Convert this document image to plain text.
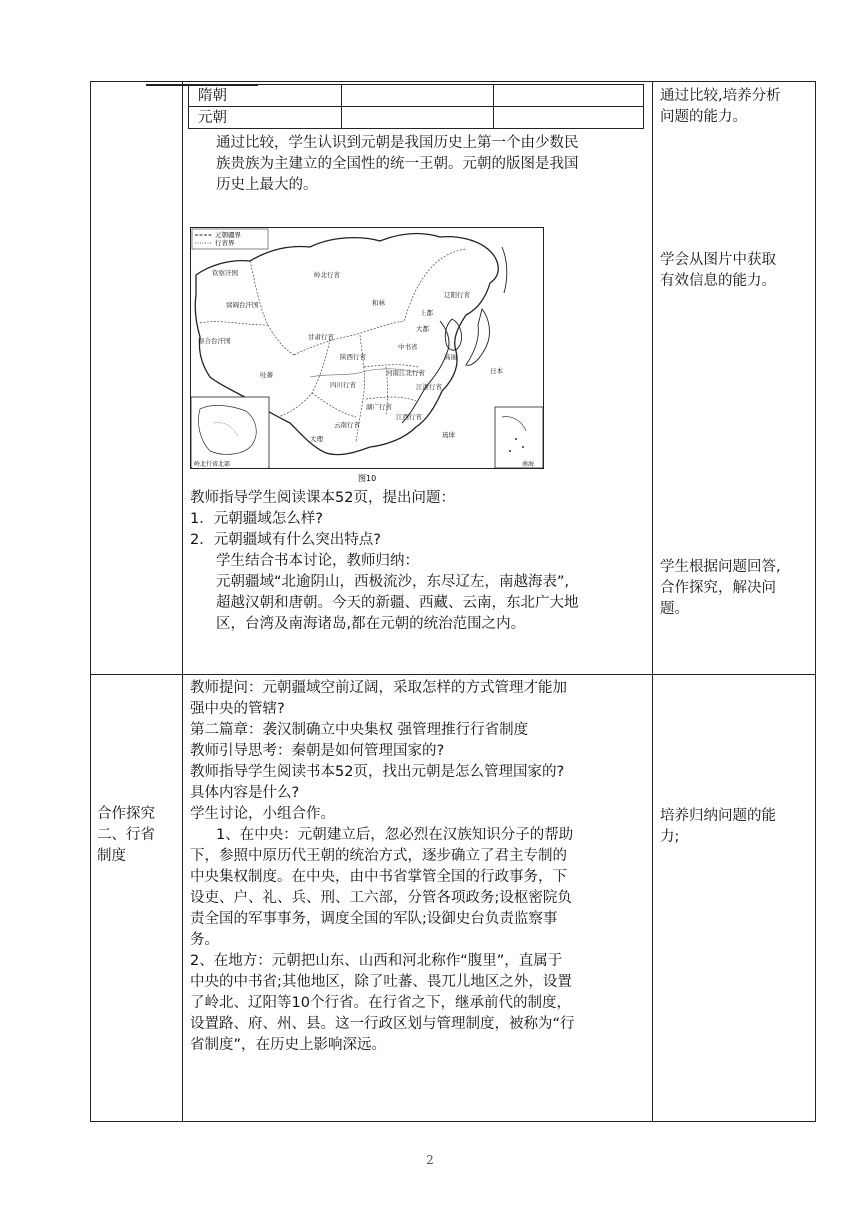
隋朝
元朝

通过比较，学生认识到元朝是我国历史上第一个由少数民

族贵族为主建立的全国性的统一王朝。元朝的版图是我国

历史上最大的。

元朝疆界
行省界
钦察汗国	岭北行省
窝阔台汗国
察合台汗国
和林
上都
甘肃行省
辽阳行省
大都
中书省
吐蕃
陕西行省
河南江北行省
四川行省
湖广行省
江浙行省
江西行省
云南行省
高丽
日本
琉球
大理
岭北行省北部	南海
图10

教师指导学生阅读课本52页，提出问题：

1．元朝疆域怎么样?

2．元朝疆域有什么突出特点?

学生结合书本讨论，教师归纳：

元朝疆域“北逾阴山，西极流沙，东尽辽左，南越海表”,

超越汉朝和唐朝。今天的新疆、西藏、云南，东北广大地

区，台湾及南海诸岛,都在元朝的统治范围之内。

通过比较,培养分析

问题的能力。

学会从图片中获取

有效信息的能力。

学生根据问题回答,

合作探究，解决问

题。

合作探究

二、行省

制度

教师提问：元朝疆域空前辽阔，采取怎样的方式管理才能加

强中央的管辖?

第二篇章：袭汉制确立中央集权 强管理推行行省制度

教师引导思考：秦朝是如何管理国家的?

教师指导学生阅读书本52页，找出元朝是怎么管理国家的?

具体内容是什么?

学生讨论，小组合作。

1、在中央：元朝建立后，忽必烈在汉族知识分子的帮助

下，参照中原历代王朝的统治方式，逐步确立了君主专制的

中央集权制度。在中央，由中书省掌管全国的行政事务，下

设吏、户、礼、兵、刑、工六部，分管各项政务;设枢密院负

责全国的军事事务，调度全国的军队;设御史台负责监察事

务。

2、在地方：元朝把山东、山西和河北称作“腹里”，直属于

中央的中书省;其他地区，除了吐蕃、畏兀儿地区之外，设置

了岭北、辽阳等10个行省。在行省之下，继承前代的制度，

设置路、府、州、县。这一行政区划与管理制度，被称为“行

省制度”，在历史上影响深远。

培养归纳问题的能

力;

2
